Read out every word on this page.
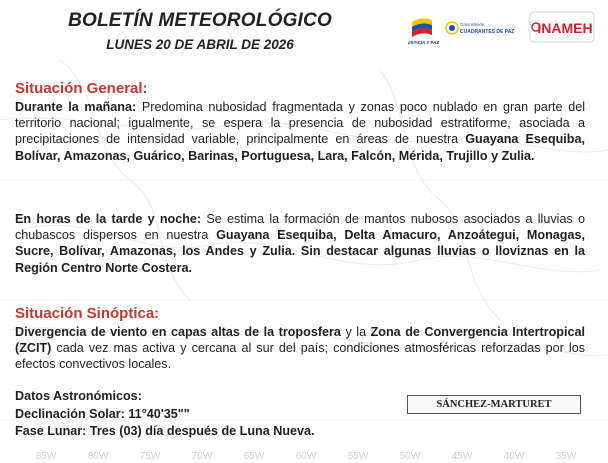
BOLETÍN METEOROLÓGICO
LUNES 20 DE ABRIL DE 2026	JUSTICIA Y PAZ
Gran Misión
CUADRANTES DE PAZ INAMEH
Situación General:
Durante la mañana: Predomina nubosidad fragmentada y zonas poco nublado en gran parte del territorio nacional; igualmente, se espera la presencia de nubosidad estratiforme, asociada a precipitaciones de intensidad variable, principalmente en áreas de nuestra Guayana Esequiba, Bolívar, Amazonas, Guárico, Barinas, Portuguesa, Lara, Falcón, Mérida, Trujillo y Zulia.
En horas de la tarde y noche: Se estima la formación de mantos nubosos asociados a lluvias o chubascos dispersos en nuestra Guayana Esequiba, Delta Amacuro, Anzoátegui, Monagas, Sucre, Bolívar, Amazonas, los Andes y Zulia. Sin destacar algunas lluvias o lloviznas en la Región Centro Norte Costera.
Situación Sinóptica:
Divergencia de viento en capas altas de la troposfera y la Zona de Convergencia Intertropical (ZCIT) cada vez mas activa y cercana al sur del país; condiciones atmosféricas reforzadas por los efectos convectivos locales.
Datos Astronómicos:
Declinación Solar: 11°40'35""
Fase Lunar: Tres (03) día después de Luna Nueva.
SÁNCHEZ-MARTURET
85W	80W	75W	70W	65W	60W	55W	50W	45W	40W	35W
